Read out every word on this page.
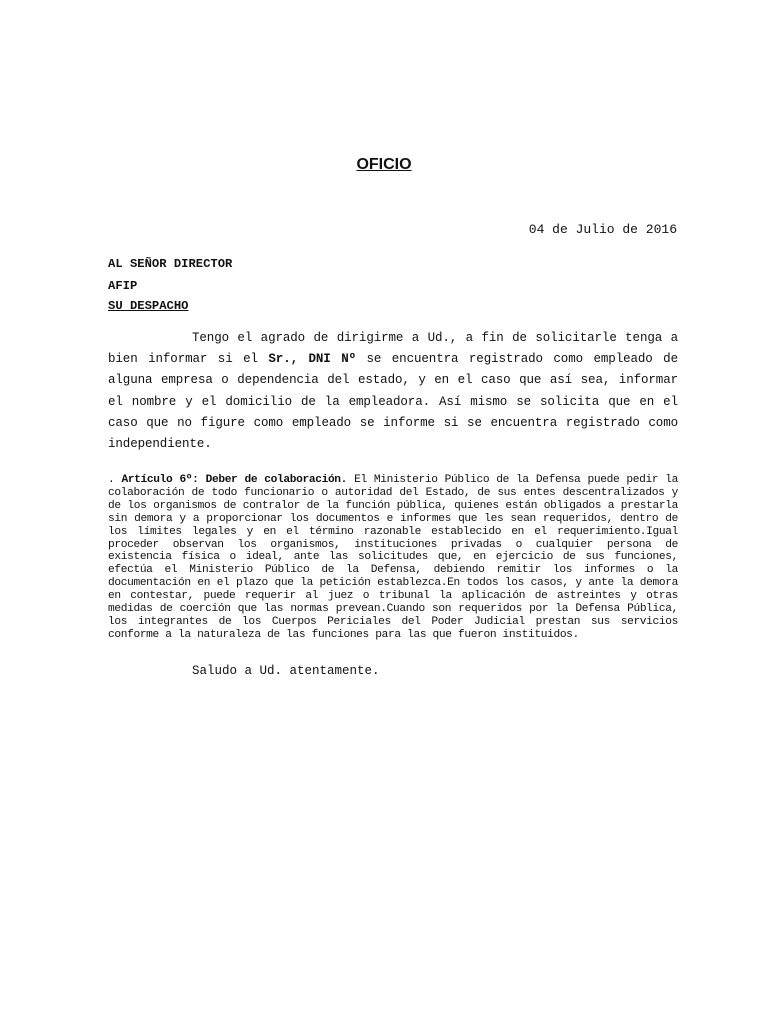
OFICIO
04 de Julio de 2016
AL SEÑOR DIRECTOR
AFIP
SU DESPACHO
Tengo el agrado de dirigirme a Ud., a fin de solicitarle tenga a bien informar si el Sr., DNI Nº se encuentra registrado como empleado de alguna empresa o dependencia del estado, y en el caso que así sea, informar el nombre y el domicilio de la empleadora. Así mismo se solicita que en el caso que no figure como empleado se informe si se encuentra registrado como independiente.
. Artículo 6º: Deber de colaboración. El Ministerio Público de la Defensa puede pedir la colaboración de todo funcionario o autoridad del Estado, de sus entes descentralizados y de los organismos de contralor de la función pública, quienes están obligados a prestarla sin demora y a proporcionar los documentos e informes que les sean requeridos, dentro de los límites legales y en el término razonable establecido en el requerimiento.Igual proceder observan los organismos, instituciones privadas o cualquier persona de existencia física o ideal, ante las solicitudes que, en ejercicio de sus funciones, efectúa el Ministerio Público de la Defensa, debiendo remitir los informes o la documentación en el plazo que la petición establezca.En todos los casos, y ante la demora en contestar, puede requerir al juez o tribunal la aplicación de astreintes y otras medidas de coerción que las normas prevean.Cuando son requeridos por la Defensa Pública, los integrantes de los Cuerpos Periciales del Poder Judicial prestan sus servicios conforme a la naturaleza de las funciones para las que fueron instituidos.
Saludo a Ud. atentamente.
